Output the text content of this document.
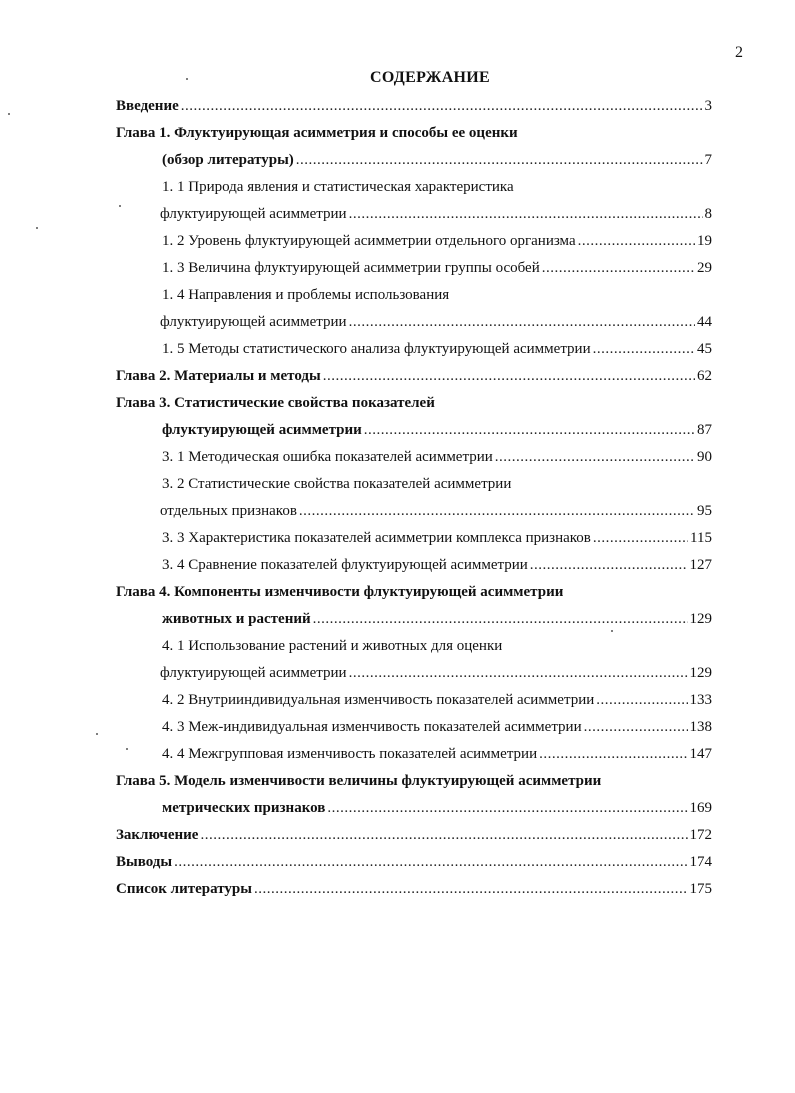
2
СОДЕРЖАНИЕ
Введение .....	3
Глава 1. Флуктуирующая асимметрия и способы ее оценки
(обзор литературы) .....	7
1. 1 Природа явления и статистическая характеристика
флуктуирующей асимметрии .....	8
1. 2 Уровень флуктуирующей асимметрии отдельного организма .....	19
1. 3 Величина флуктуирующей асимметрии группы особей .....	29
1. 4 Направления и проблемы использования
флуктуирующей асимметрии .....	44
1. 5 Методы статистического анализа флуктуирующей асимметрии .....	45
Глава 2. Материалы и методы .....	62
Глава 3. Статистические свойства показателей
флуктуирующей асимметрии .....	87
3. 1 Методическая ошибка показателей асимметрии .....	90
3. 2 Статистические свойства показателей асимметрии
отдельных признаков .....	95
3. 3 Характеристика показателей асимметрии комплекса признаков .....	115
3. 4 Сравнение показателей флуктуирующей асимметрии .....	127
Глава 4. Компоненты изменчивости флуктуирующей асимметрии
животных и растений .....	129
4. 1 Использование растений и животных для оценки
флуктуирующей асимметрии .....	129
4. 2 Внутрииндивидуальная изменчивость показателей асимметрии .....	133
4. 3 Меж-индивидуальная изменчивость показателей асимметрии .....	138
4. 4 Межгрупповая изменчивость показателей асимметрии .....	147
Глава 5. Модель изменчивости величины флуктуирующей асимметрии
метрических признаков .....	169
Заключение .....	172
Выводы .....	174
Список литературы .....	175
